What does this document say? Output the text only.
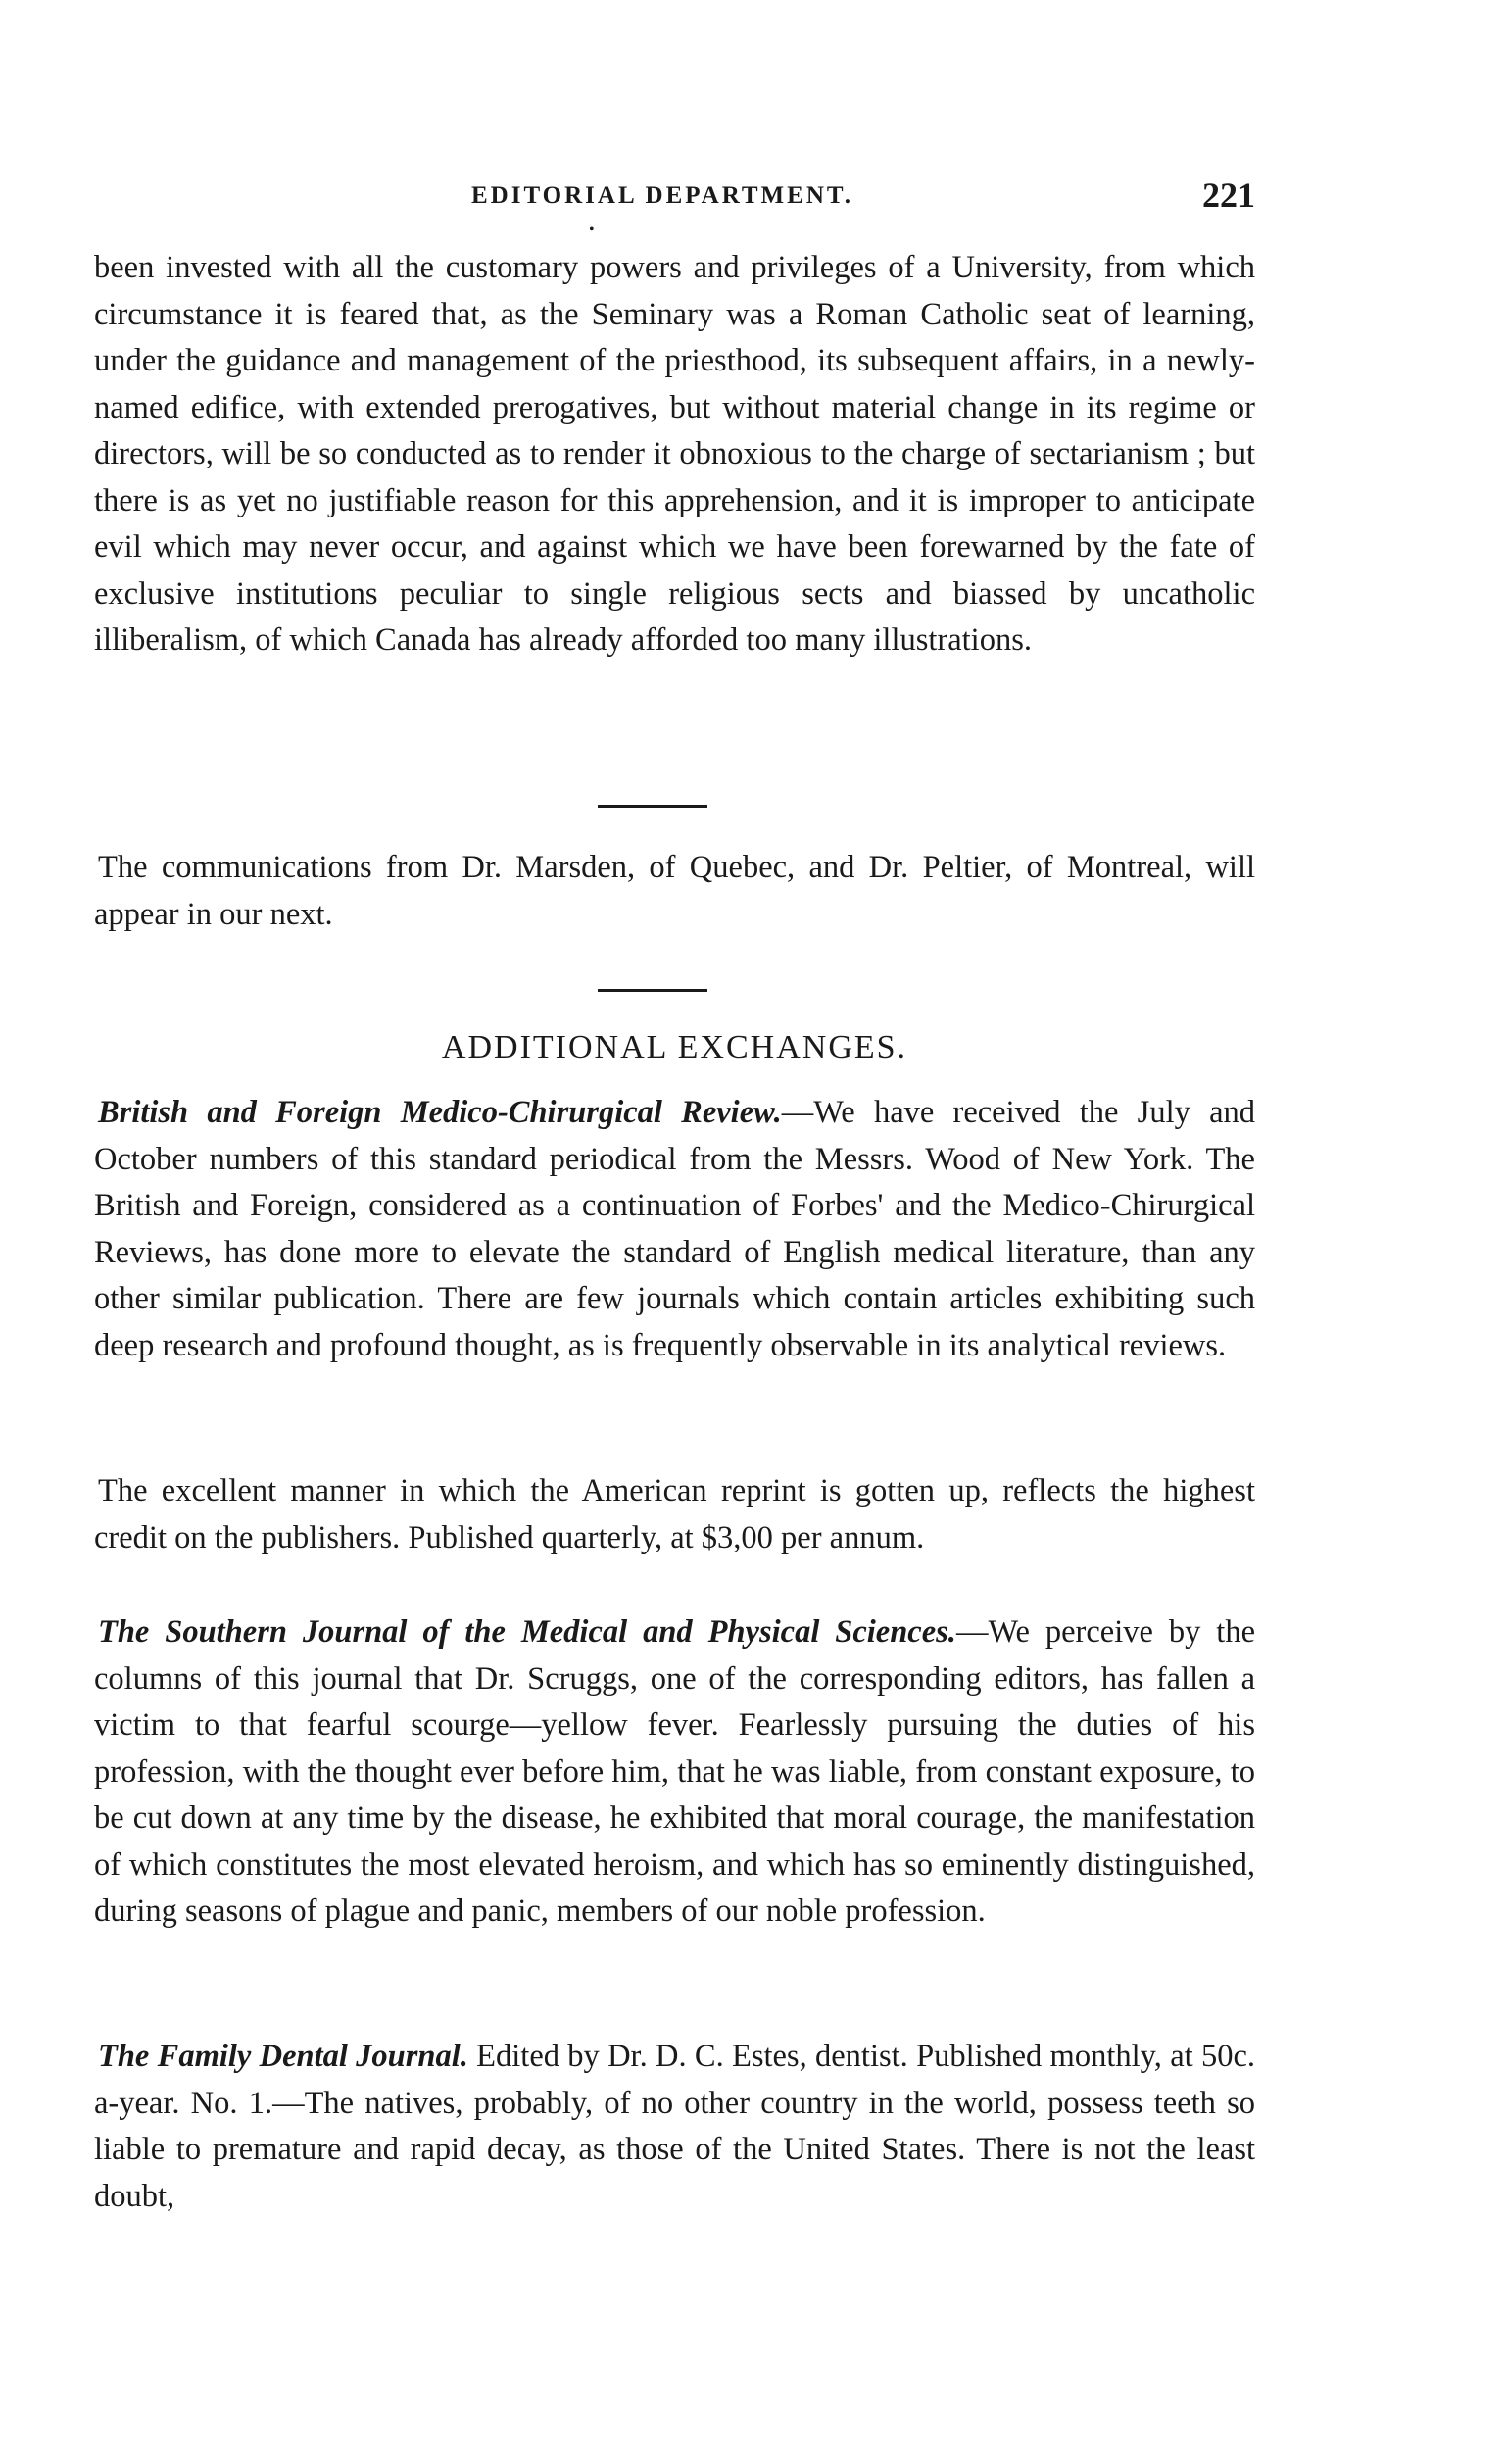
EDITORIAL DEPARTMENT.	221
•

been invested with all the customary powers and privileges of a University, from which circumstance it is feared that, as the Seminary was a Roman Catholic seat of learning, under the guidance and management of the priesthood, its subsequent affairs, in a newly-named edifice, with extended prerogatives, but without material change in its regime or directors, will be so conducted as to render it obnoxious to the charge of sectarianism ; but there is as yet no justifiable reason for this apprehension, and it is improper to anticipate evil which may never occur, and against which we have been forewarned by the fate of exclusive institutions peculiar to single religious sects and biassed by uncatholic illiberalism, of which Canada has already afforded too many illustrations.

The communications from Dr. Marsden, of Quebec, and Dr. Peltier, of Montreal, will appear in our next.

ADDITIONAL EXCHANGES.

British and Foreign Medico-Chirurgical Review.—We have received the July and October numbers of this standard periodical from the Messrs. Wood of New York. The British and Foreign, considered as a continuation of Forbes' and the Medico-Chirurgical Reviews, has done more to elevate the standard of English medical literature, than any other similar publication. There are few journals which contain articles exhibiting such deep research and profound thought, as is frequently observable in its analytical reviews.

The excellent manner in which the American reprint is gotten up, reflects the highest credit on the publishers. Published quarterly, at $3,00 per annum.

The Southern Journal of the Medical and Physical Sciences.—We perceive by the columns of this journal that Dr. Scruggs, one of the corresponding editors, has fallen a victim to that fearful scourge—yellow fever. Fearlessly pursuing the duties of his profession, with the thought ever before him, that he was liable, from constant exposure, to be cut down at any time by the disease, he exhibited that moral courage, the manifestation of which constitutes the most elevated heroism, and which has so eminently distinguished, during seasons of plague and panic, members of our noble profession.

The Family Dental Journal. Edited by Dr. D. C. Estes, dentist. Published monthly, at 50c. a-year. No. 1.—The natives, probably, of no other country in the world, possess teeth so liable to premature and rapid decay, as those of the United States. There is not the least doubt,
